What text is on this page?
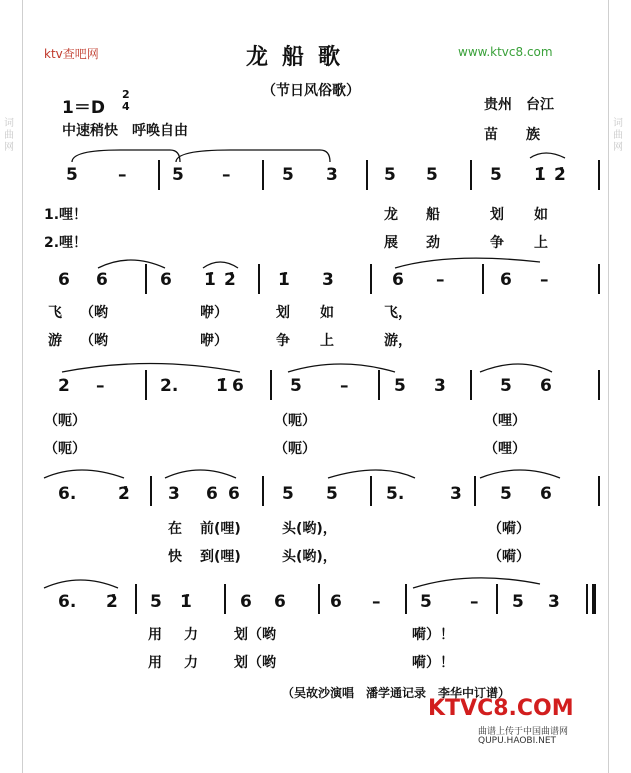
词曲网
词曲网
ktv查吧网	www.ktvc8.com
龙船歌
（节日风俗歌）
1＝D
2
4
中速稍快　呼唤自由
贵州　台江
苗　　族
5 –	5 –	5 3	5 5	5 1̇ 2̇
1.哩！	龙 船	划 如
2.哩！	展 劲	争 上
6 6	6 1̇ 2̇ 1̇ 3	6 –	6 –
飞 （哟	咿）	划 如	飞，
游 （哟	咿）	争 上	游，
2 –	2. 1̇ 6	5 –	5 3	5 6
（呃）	（呃）	（哩）
（呃）	（呃）	（哩）
6. 2̇ 3 6 6 5 5	5.	3 5 6
在 前(哩)	头(哟)，	（嗬）
快 到(哩)	头(哟)，	（嗬）
6. 2̇ 5 1̇	6 6	6 – 5 – 5 3
用 力	划（哟	嗬）！
用 力	划（哟	嗬）！
（吴故沙演唱　潘学通记录　李华中订谱）
KTVC8.COM
曲谱上传于中国曲谱网
QUPU.HAOBI.NET
